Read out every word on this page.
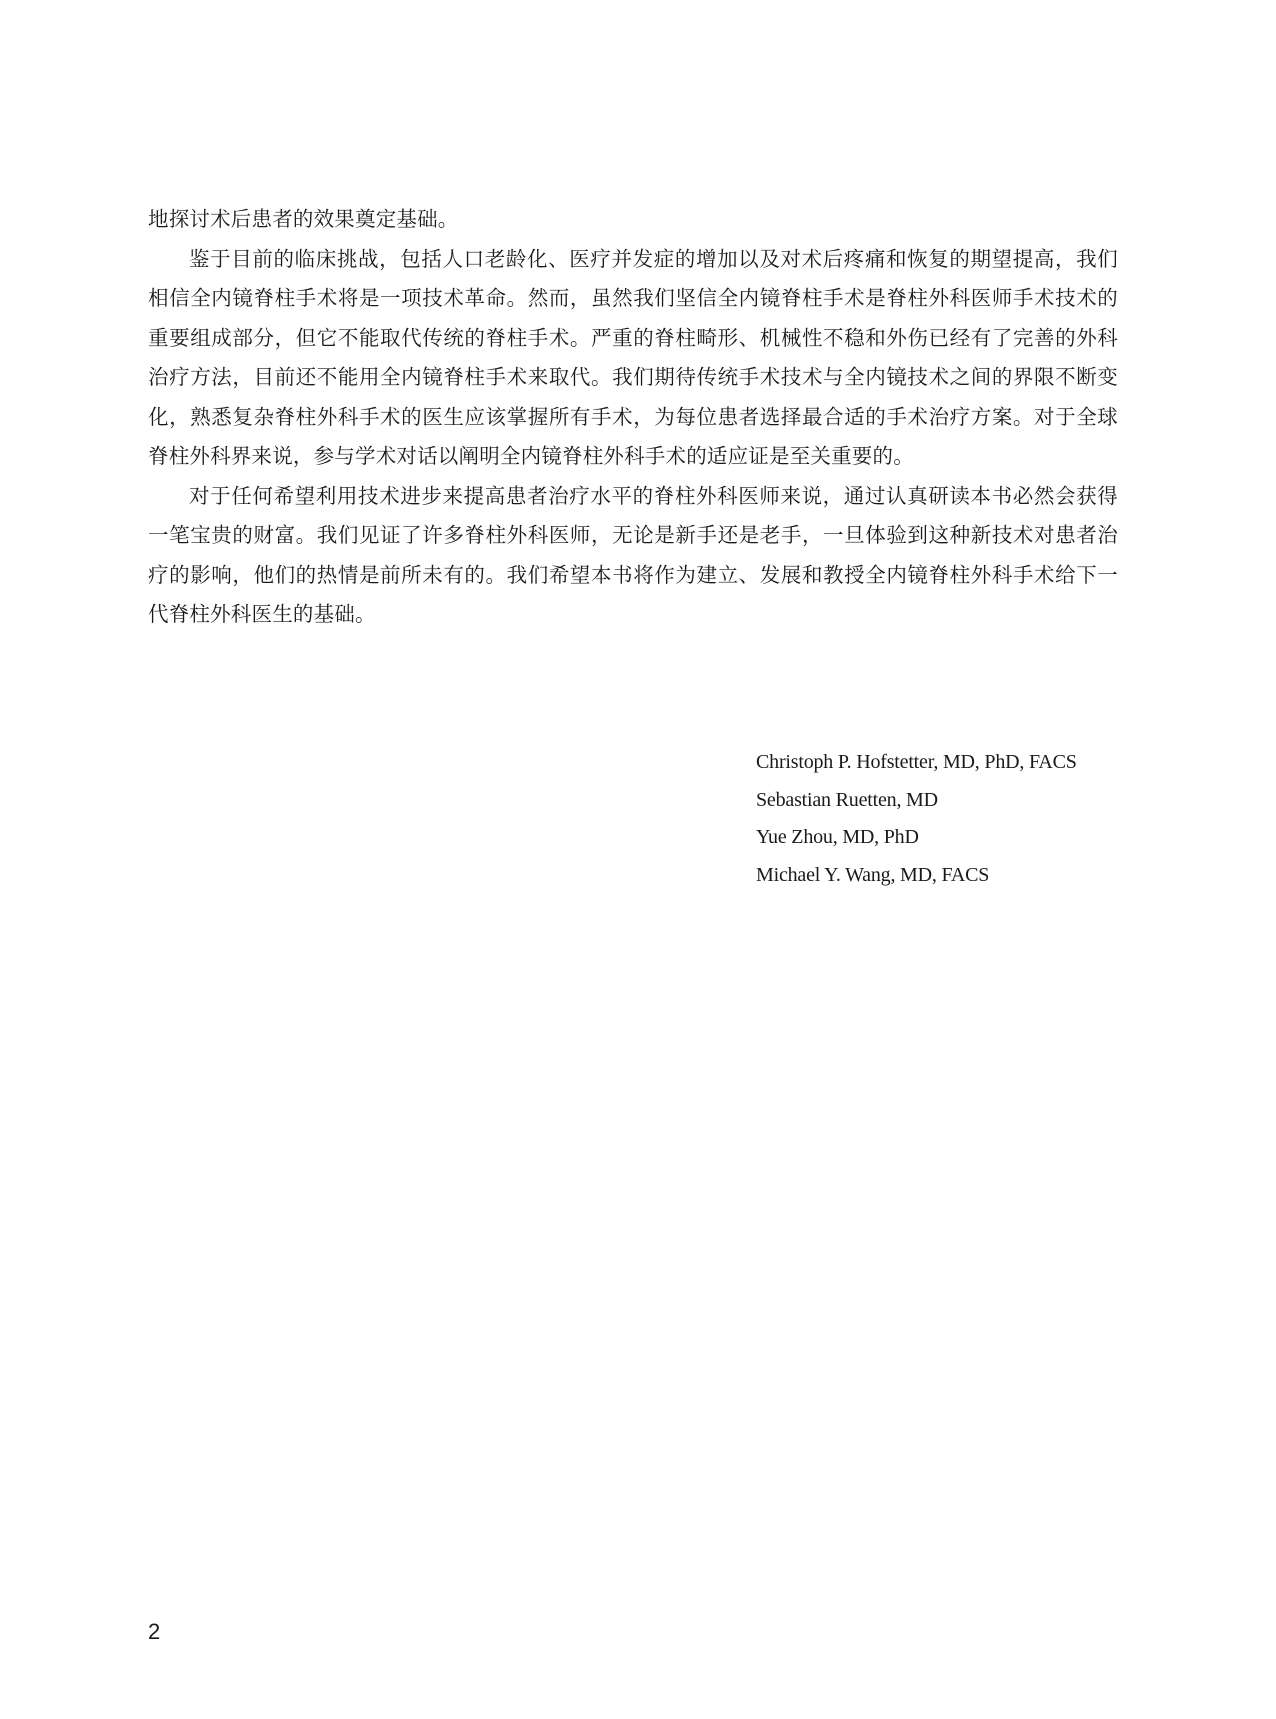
地探讨术后患者的效果奠定基础。

鉴于目前的临床挑战，包括人口老龄化、医疗并发症的增加以及对术后疼痛和恢复的期望提高，我们相信全内镜脊柱手术将是一项技术革命。然而，虽然我们坚信全内镜脊柱手术是脊柱外科医师手术技术的重要组成部分，但它不能取代传统的脊柱手术。严重的脊柱畸形、机械性不稳和外伤已经有了完善的外科治疗方法，目前还不能用全内镜脊柱手术来取代。我们期待传统手术技术与全内镜技术之间的界限不断变化，熟悉复杂脊柱外科手术的医生应该掌握所有手术，为每位患者选择最合适的手术治疗方案。对于全球脊柱外科界来说，参与学术对话以阐明全内镜脊柱外科手术的适应证是至关重要的。

对于任何希望利用技术进步来提高患者治疗水平的脊柱外科医师来说，通过认真研读本书必然会获得一笔宝贵的财富。我们见证了许多脊柱外科医师，无论是新手还是老手，一旦体验到这种新技术对患者治疗的影响，他们的热情是前所未有的。我们希望本书将作为建立、发展和教授全内镜脊柱外科手术给下一代脊柱外科医生的基础。

Christoph P. Hofstetter, MD, PhD, FACS
Sebastian Ruetten, MD
Yue Zhou, MD, PhD
Michael Y. Wang, MD, FACS
2
